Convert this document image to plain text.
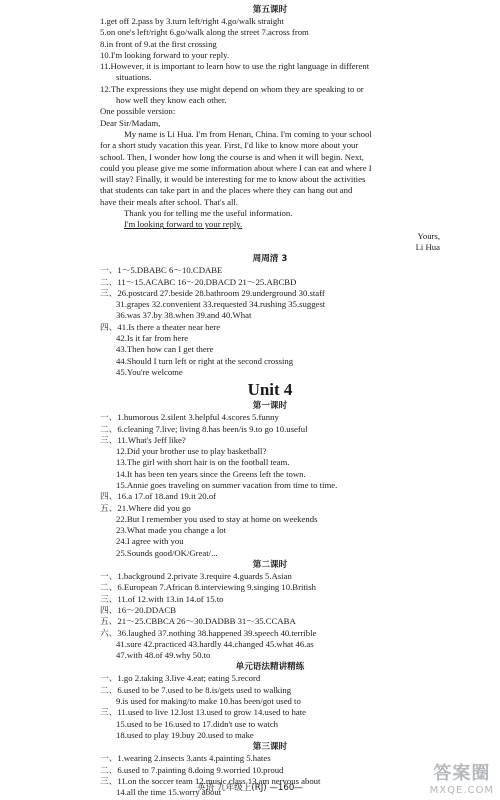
第五课时
1.get off 2.pass by 3.turn left/right 4.go/walk straight
5.on one's left/right 6.go/walk along the street 7.across from
8.in front of 9.at the first crossing
10.I'm looking forward to your reply.
11.However, it is important to learn how to use the right language in different
situations.
12.The expressions they use might depend on whom they are speaking to or
how well they know each other.
One possible version:
Dear Sir/Madam,
My name is Li Hua. I'm from Henan, China. I'm coming to your school
for a short study vacation this year. First, I'd like to know more about your
school. Then, I wonder how long the course is and when it will begin. Next,
could you please give me some information about where I can eat and where I
will stay? Finally, it would be interesting for me to know about the activities
that students can take part in and the places where they can hang out and
have their meals after school. That's all.
Thank you for telling me the useful information.
I'm looking forward to your reply.
Yours,
Li Hua
周周清 3
一、1～5.DBABC 6～10.CDABE
二、11～15.ACABC 16～20.DBACD 21～25.ABCBD
三、26.postcard 27.beside 28.bathroom 29.underground 30.staff
31.grapes 32.convenient 33.requested 34.rushing 35.suggest
36.was 37.by 38.when 39.and 40.What
四、41.Is there a theater near here
42.Is it far from here
43.Then how can I get there
44.Should I turn left or right at the second crossing
45.You're welcome
Unit 4
第一课时
一、1.humorous 2.silent 3.helpful 4.scores 5.funny
二、6.cleaning 7.live; living 8.has been/is 9.to go 10.useful
三、11.What's Jeff like?
12.Did your brother use to play basketball?
13.The girl with short hair is on the football team.
14.It has been ten years since the Greens left the town.
15.Annie goes traveling on summer vacation from time to time.
四、16.a 17.of 18.and 19.it 20.of
五、21.Where did you go
22.But I remember you used to stay at home on weekends
23.What made you change a lot
24.I agree with you
25.Sounds good/OK/Great/...
第二课时
一、1.background 2.private 3.require 4.guards 5.Asian
二、6.European 7.African 8.interviewing 9.singing 10.British
三、11.of 12.with 13.in 14.of 15.to
四、16～20.DDACB
五、21～25.CBBCA 26～30.DADBB 31～35.CCABA
六、36.laughed 37.nothing 38.happened 39.speech 40.terrible
41.sure 42.practiced 43.hardly 44.changed 45.what 46.as
47.with 48.of 49.why 50.to
单元语法精讲精练
一、1.go 2.taking 3.live 4.eat; eating 5.record
二、6.used to be 7.used to be 8.is/gets used to walking
9.is used for making/to make 10.has been/got used to
三、11.used to live 12.lost 13.used to grow 14.used to hate
15.used to be 16.used to 17.didn't use to watch
18.used to play 19.buy 20.used to make
第三课时
一、1.wearing 2.insects 3.ants 4.painting 5.hates
二、6.used to 7.painting 8.doing 9.worried 10.proud
三、11.on the soccer team 12.music class 13.am nervous about
14.all the time 15.worry about
英语 九年级上(RJ) —160—
答案圈
MXQE.COM
